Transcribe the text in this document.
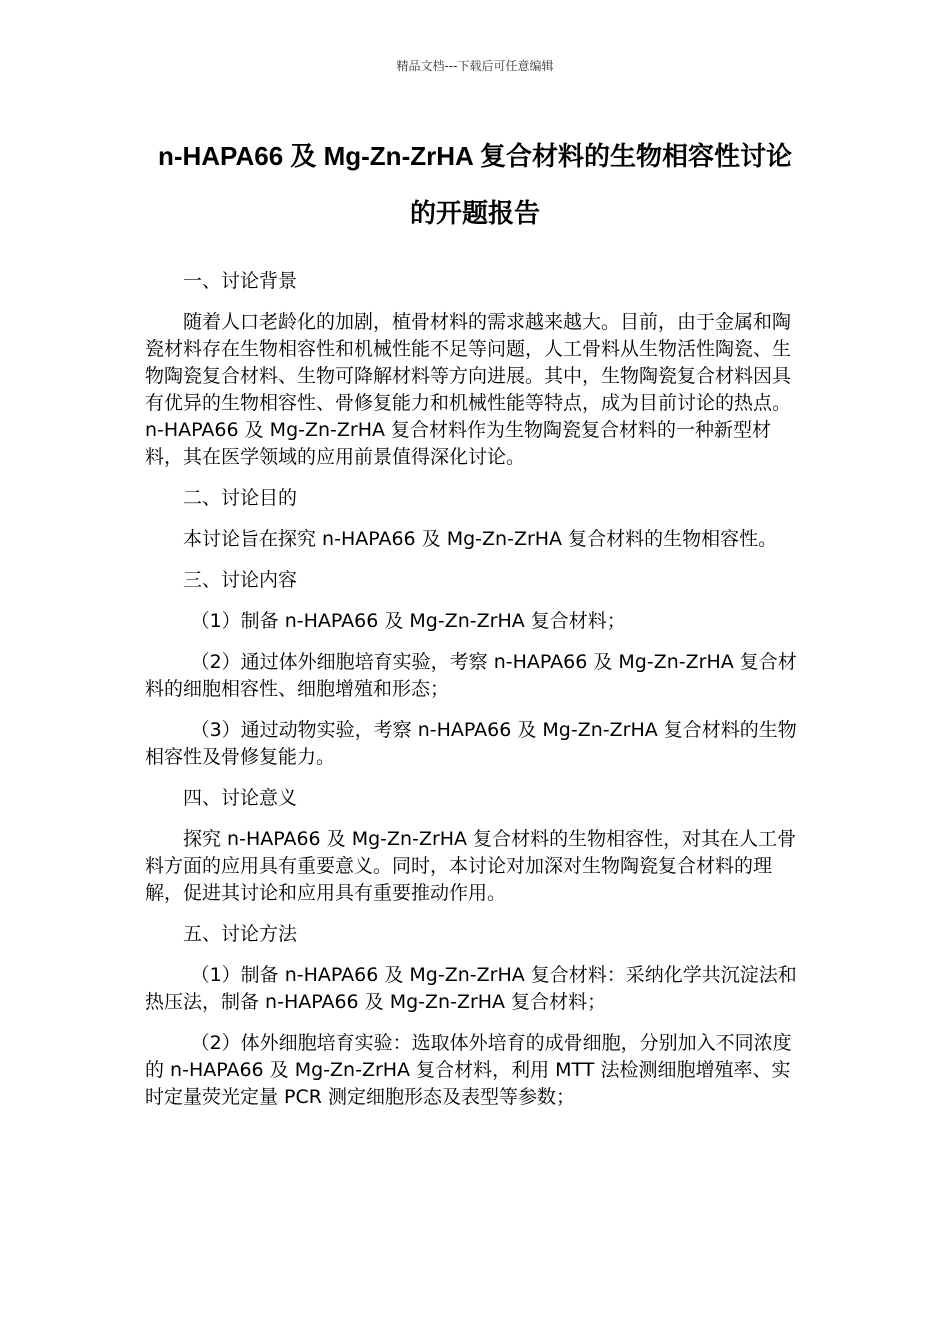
精品文档---下载后可任意编辑
n-HAPA66 及 Mg-Zn-ZrHA 复合材料的生物相容性讨论的开题报告

一、讨论背景

随着人口老龄化的加剧，植骨材料的需求越来越大。目前，由于金属和陶瓷材料存在生物相容性和机械性能不足等问题，人工骨料从生物活性陶瓷、生物陶瓷复合材料、生物可降解材料等方向进展。其中，生物陶瓷复合材料因具有优异的生物相容性、骨修复能力和机械性能等特点，成为目前讨论的热点。n-HAPA66 及 Mg-Zn-ZrHA 复合材料作为生物陶瓷复合材料的一种新型材料，其在医学领域的应用前景值得深化讨论。

二、讨论目的

本讨论旨在探究 n-HAPA66 及 Mg-Zn-ZrHA 复合材料的生物相容性。

三、讨论内容

（1）制备 n-HAPA66 及 Mg-Zn-ZrHA 复合材料；

（2）通过体外细胞培育实验，考察 n-HAPA66 及 Mg-Zn-ZrHA 复合材料的细胞相容性、细胞增殖和形态；

（3）通过动物实验，考察 n-HAPA66 及 Mg-Zn-ZrHA 复合材料的生物相容性及骨修复能力。

四、讨论意义

探究 n-HAPA66 及 Mg-Zn-ZrHA 复合材料的生物相容性，对其在人工骨料方面的应用具有重要意义。同时，本讨论对加深对生物陶瓷复合材料的理解，促进其讨论和应用具有重要推动作用。

五、讨论方法

（1）制备 n-HAPA66 及 Mg-Zn-ZrHA 复合材料：采纳化学共沉淀法和热压法，制备 n-HAPA66 及 Mg-Zn-ZrHA 复合材料；

（2）体外细胞培育实验：选取体外培育的成骨细胞，分别加入不同浓度的 n-HAPA66 及 Mg-Zn-ZrHA 复合材料，利用 MTT 法检测细胞增殖率、实时定量荧光定量 PCR 测定细胞形态及表型等参数；
